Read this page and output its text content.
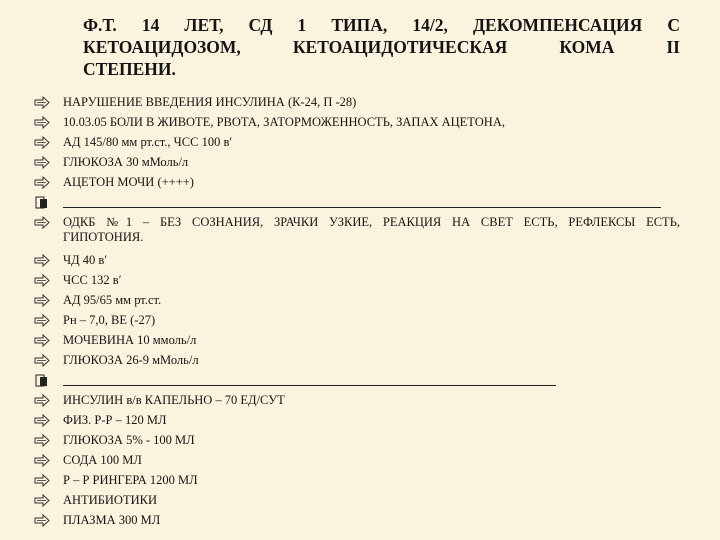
Ф.Т. 14 ЛЕТ, СД 1 ТИПА, 14/2, ДЕКОМПЕНСАЦИЯ С
КЕТОАЦИДОЗОМ, КЕТОАЦИДОТИЧЕСКАЯ КОМА II
СТЕПЕНИ.
НАРУШЕНИЕ ВВЕДЕНИЯ ИНСУЛИНА (К-24, П -28)
10.03.05 БОЛИ В ЖИВОТЕ, РВОТА, ЗАТОРМОЖЕННОСТЬ, ЗАПАХ АЦЕТОНА,
АД 145/80 мм рт.ст., ЧСС 100 в′
ГЛЮКОЗА 30 мМоль/л
АЦЕТОН МОЧИ (++++)
ОДКБ №1 – БЕЗ СОЗНАНИЯ, ЗРАЧКИ УЗКИЕ, РЕАКЦИЯ НА СВЕТ ЕСТЬ, РЕФЛЕКСЫ ЕСТЬ,
ГИПОТОНИЯ.
ЧД 40 в′
ЧСС 132 в′
АД 95/65 мм рт.ст.
Рн – 7,0, ВЕ (-27)
МОЧЕВИНА 10 ммоль/л
ГЛЮКОЗА 26-9 мМоль/л
ИНСУЛИН в/в КАПЕЛЬНО – 70 ЕД/СУТ
ФИЗ. Р-Р – 120 МЛ
ГЛЮКОЗА 5% - 100 МЛ
СОДА 100 МЛ
Р – Р РИНГЕРА 1200 МЛ
АНТИБИОТИКИ
ПЛАЗМА 300 МЛ
